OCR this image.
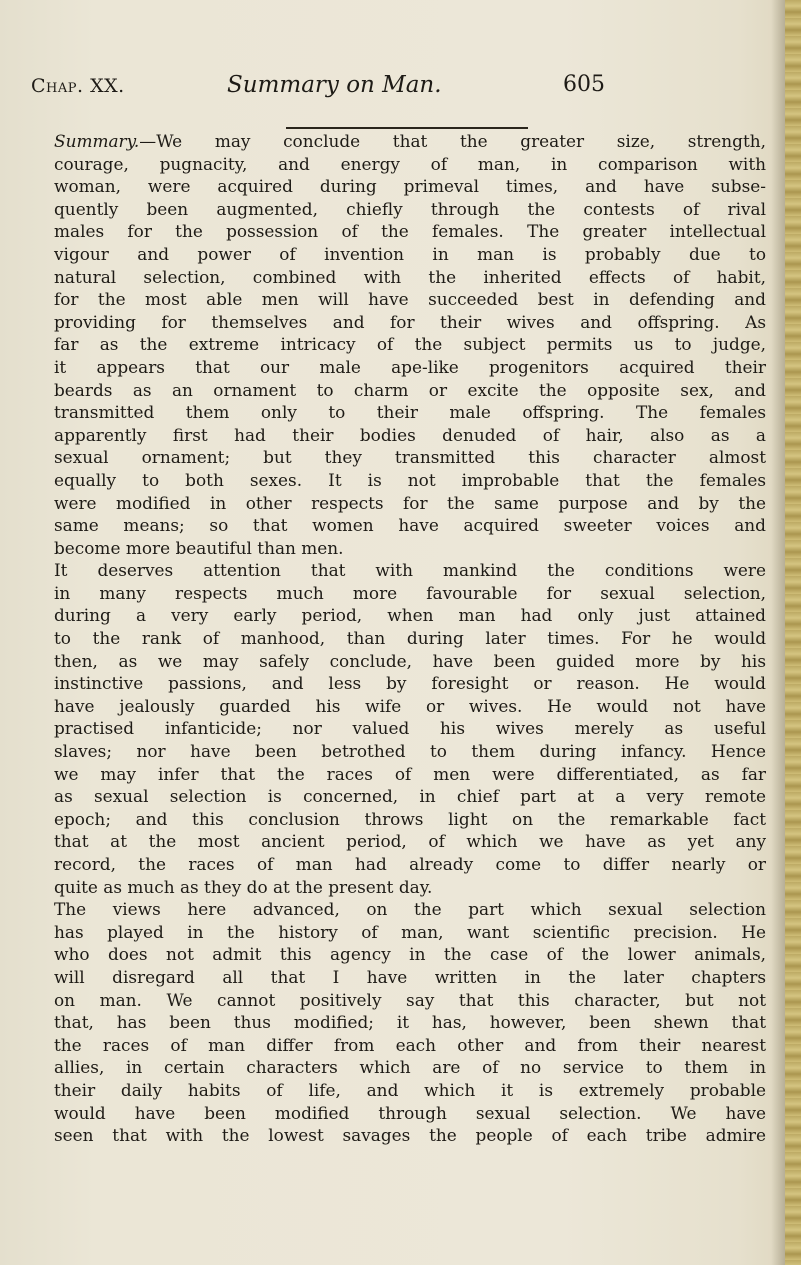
Chap. XX.	Summary on Man.	605
Summary.—We may conclude that the greater size, strength,
courage, pugnacity, and energy of man, in comparison with
woman, were acquired during primeval times, and have subse-
quently been augmented, chiefly through the contests of rival
males for the possession of the females. The greater intellectual
vigour and power of invention in man is probably due to
natural selection, combined with the inherited effects of habit,
for the most able men will have succeeded best in defending and
providing for themselves and for their wives and offspring. As
far as the extreme intricacy of the subject permits us to judge,
it appears that our male ape-like progenitors acquired their
beards as an ornament to charm or excite the opposite sex, and
transmitted them only to their male offspring. The females
apparently first had their bodies denuded of hair, also as a
sexual ornament; but they transmitted this character almost
equally to both sexes. It is not improbable that the females
were modified in other respects for the same purpose and by the
same means; so that women have acquired sweeter voices and
become more beautiful than men.
It deserves attention that with mankind the conditions were
in many respects much more favourable for sexual selection,
during a very early period, when man had only just attained
to the rank of manhood, than during later times. For he would
then, as we may safely conclude, have been guided more by his
instinctive passions, and less by foresight or reason. He would
have jealously guarded his wife or wives. He would not have
practised infanticide; nor valued his wives merely as useful
slaves; nor have been betrothed to them during infancy. Hence
we may infer that the races of men were differentiated, as far
as sexual selection is concerned, in chief part at a very remote
epoch; and this conclusion throws light on the remarkable fact
that at the most ancient period, of which we have as yet any
record, the races of man had already come to differ nearly or
quite as much as they do at the present day.
The views here advanced, on the part which sexual selection
has played in the history of man, want scientific precision. He
who does not admit this agency in the case of the lower animals,
will disregard all that I have written in the later chapters
on man. We cannot positively say that this character, but not
that, has been thus modified; it has, however, been shewn that
the races of man differ from each other and from their nearest
allies, in certain characters which are of no service to them in
their daily habits of life, and which it is extremely probable
would have been modified through sexual selection. We have
seen that with the lowest savages the people of each tribe admire
